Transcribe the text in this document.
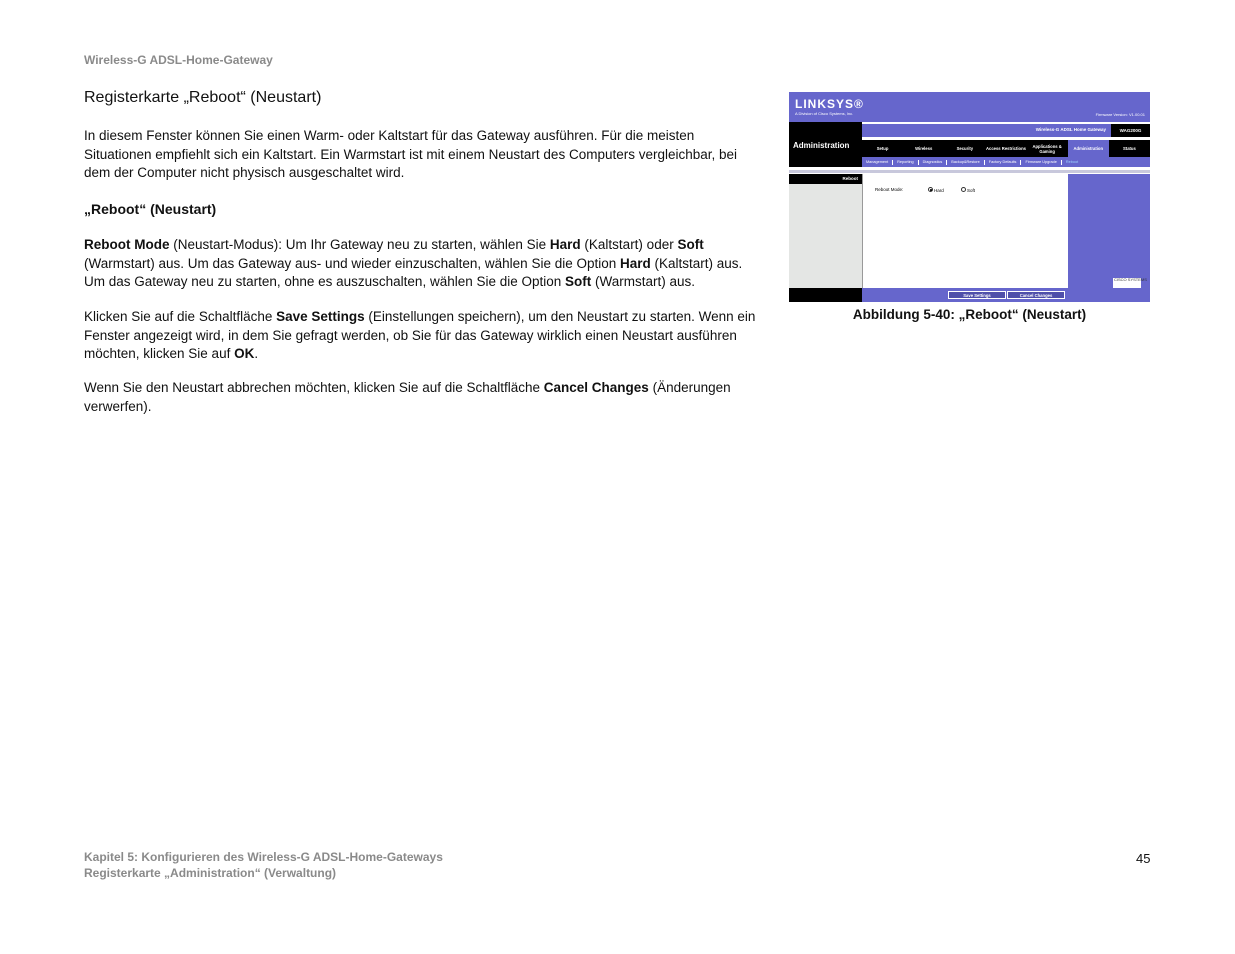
Wireless-G ADSL-Home-Gateway
Registerkarte „Reboot“ (Neustart)
In diesem Fenster können Sie einen Warm- oder Kaltstart für das Gateway ausführen. Für die meisten Situationen empfiehlt sich ein Kaltstart. Ein Warmstart ist mit einem Neustart des Computers vergleichbar, bei dem der Computer nicht physisch ausgeschaltet wird.
„Reboot“ (Neustart)
Reboot Mode (Neustart-Modus): Um Ihr Gateway neu zu starten, wählen Sie Hard (Kaltstart) oder Soft (Warmstart) aus. Um das Gateway aus- und wieder einzuschalten, wählen Sie die Option Hard (Kaltstart) aus. Um das Gateway neu zu starten, ohne es auszuschalten, wählen Sie die Option Soft (Warmstart) aus.
Klicken Sie auf die Schaltfläche Save Settings (Einstellungen speichern), um den Neustart zu starten. Wenn ein Fenster angezeigt wird, in dem Sie gefragt werden, ob Sie für das Gateway wirklich einen Neustart ausführen möchten, klicken Sie auf OK.
Wenn Sie den Neustart abbrechen möchten, klicken Sie auf die Schaltfläche Cancel Changes (Änderungen verwerfen).
LINKSYS®
A Division of Cisco Systems, Inc.	Firmware Version: V1.00.01
Administration
Wireless-G ADSL Home Gateway	WAG200G
Setup	Wireless	Security	Access Restrictions	Applications & Gaming	Administration	Status
Management	Reporting	Diagnostics	Backup&Restore	Factory Defaults	Firmware Upgrade	Reboot
Reboot
Reboot Mode:	Hard	Soft
CISCO SYSTEMS
Save Settings	Cancel Changes
Abbildung 5-40: „Reboot“ (Neustart)
Kapitel 5: Konfigurieren des Wireless-G ADSL-Home-Gateways
Registerkarte „Administration“ (Verwaltung)
45
